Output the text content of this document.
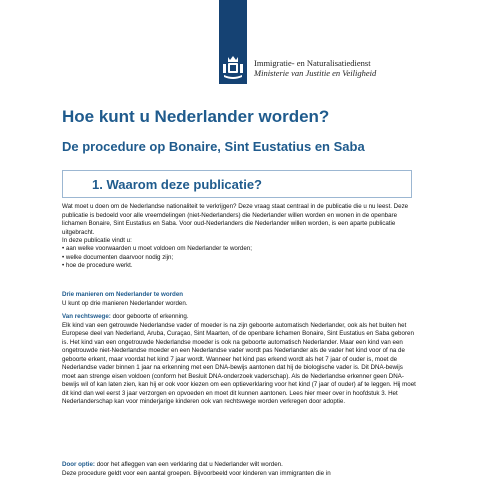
Immigratie- en Naturalisatiedienst
Ministerie van Justitie en Veiligheid
Hoe kunt u Nederlander worden?
De procedure op Bonaire, Sint Eustatius en Saba
1. Waarom deze publicatie?

Wat moet u doen om de Nederlandse nationaliteit te verkrijgen? Deze vraag staat centraal in de publicatie die u nu leest. Deze publicatie is bedoeld voor alle vreemdelingen (niet-Nederlanders) die Nederlander willen worden en wonen in de openbare lichamen Bonaire, Sint Eustatius en Saba. Voor oud-Nederlanders die Nederlander willen worden, is een aparte publicatie uitgebracht.

In deze publicatie vindt u:

• aan welke voorwaarden u moet voldoen om Nederlander te worden;
• welke documenten daarvoor nodig zijn;
• hoe de procedure werkt.

Drie manieren om Nederlander te worden

U kunt op drie manieren Nederlander worden.

Van rechtswege: door geboorte of erkenning.

Elk kind van een getrouwde Nederlandse vader of moeder is na zijn geboorte automatisch Nederlander, ook als het buiten het Europese deel van Nederland, Aruba, Curaçao, Sint Maarten, of de openbare lichamen Bonaire, Sint Eustatius en Saba geboren is. Het kind van een ongetrouwde Nederlandse moeder is ook na geboorte automatisch Nederlander. Maar een kind van een ongetrouwde niet-Nederlandse moeder en een Nederlandse vader wordt pas Nederlander als de vader het kind voor of na de geboorte erkent, maar voordat het kind 7 jaar wordt. Wanneer het kind pas erkend wordt als het 7 jaar of ouder is, moet de Nederlandse vader binnen 1 jaar na erkenning met een DNA-bewijs aantonen dat hij de biologische vader is. Dit DNA-bewijs moet aan strenge eisen voldoen (conform het Besluit DNA-onderzoek vaderschap). Als de Nederlandse erkenner geen DNA-bewijs wil of kan laten zien, kan hij er ook voor kiezen om een optieverklaring voor het kind (7 jaar of ouder) af te leggen. Hij moet dit kind dan wel eerst 3 jaar verzorgen en opvoeden en moet dit kunnen aantonen. Lees hier meer over in hoofdstuk 3. Het Nederlanderschap kan voor minderjarige kinderen ook van rechtswege worden verkregen door adoptie.

Door optie: door het afleggen van een verklaring dat u Nederlander wilt worden.

Deze procedure geldt voor een aantal groepen. Bijvoorbeeld voor kinderen van immigranten die in
